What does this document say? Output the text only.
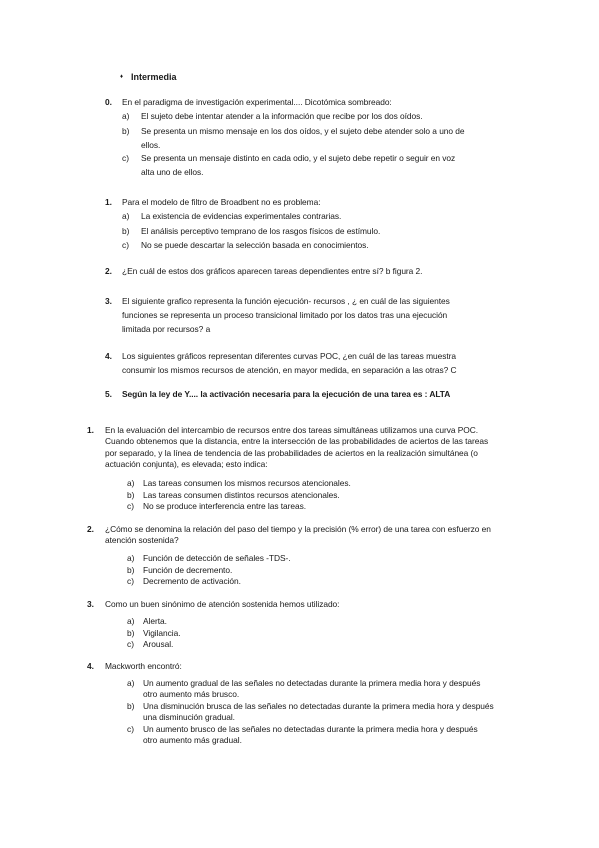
♦ Intermedia
0. En el paradigma de investigación experimental.... Dicotómica sombreado:
a) El sujeto debe intentar atender a la información que recibe por los dos oídos.
b) Se presenta un mismo mensaje en los dos oídos, y el sujeto debe atender solo a uno de
ellos.
c) Se presenta un mensaje distinto en cada odio, y el sujeto debe repetir o seguir en voz
alta uno de ellos.
1. Para el modelo de filtro de Broadbent no es problema:
a) La existencia de evidencias experimentales contrarias.
b) El análisis perceptivo temprano de los rasgos físicos de estímulo.
c) No se puede descartar la selección basada en conocimientos.
2. ¿En cuál de estos dos gráficos aparecen tareas dependientes entre sí? b figura 2.
3. El siguiente grafico representa la función ejecución- recursos , ¿ en cuál de las siguientes
funciones se representa un proceso transicional limitado por los datos tras una ejecución
limitada por recursos? a
4. Los siguientes gráficos representan diferentes curvas POC, ¿en cuál de las tareas muestra
consumir los mismos recursos de atención, en mayor medida, en separación a las otras? C
5. Según la ley de Y.... la activación necesaria para la ejecución de una tarea es : ALTA
1. En la evaluación del intercambio de recursos entre dos tareas simultáneas utilizamos una curva POC.
Cuando obtenemos que la distancia, entre la intersección de las probabilidades de aciertos de las tareas
por separado, y la línea de tendencia de las probabilidades de aciertos en la realización simultánea (o
actuación conjunta), es elevada; esto indica:
a) Las tareas consumen los mismos recursos atencionales.
b) Las tareas consumen distintos recursos atencionales.
c) No se produce interferencia entre las tareas.
2. ¿Cómo se denomina la relación del paso del tiempo y la precisión (% error) de una tarea con esfuerzo en
atención sostenida?
a) Función de detección de señales -TDS-.
b) Función de decremento.
c) Decremento de activación.
3. Como un buen sinónimo de atención sostenida hemos utilizado:
a) Alerta.
b) Vigilancia.
c) Arousal.
4. Mackworth encontró:
a) Un aumento gradual de las señales no detectadas durante la primera media hora y después
otro aumento más brusco.
b) Una disminución brusca de las señales no detectadas durante la primera media hora y después
una disminución gradual.
c) Un aumento brusco de las señales no detectadas durante la primera media hora y después
otro aumento más gradual.
